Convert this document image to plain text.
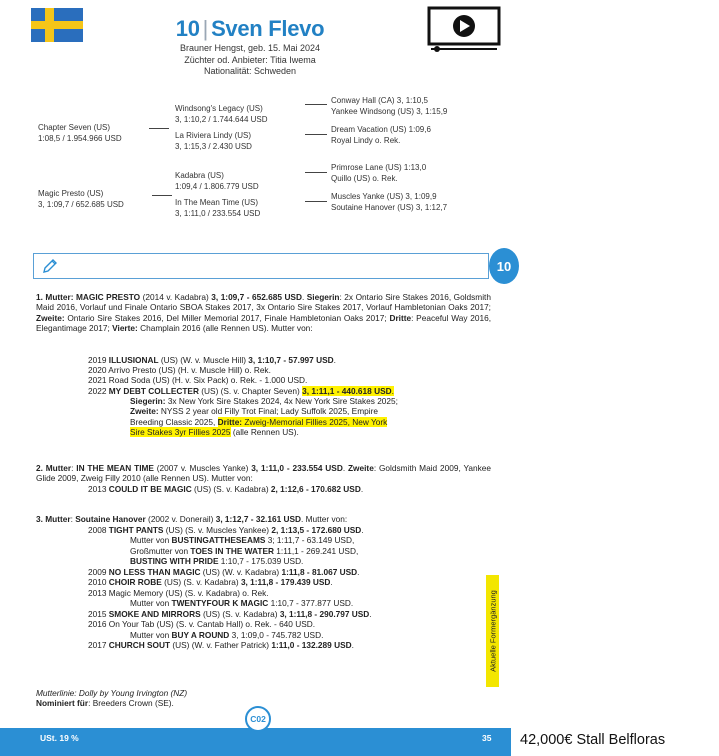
10 | Sven Flevo
Brauner Hengst, geb. 15. Mai 2024
Züchter od. Anbieter: Titia Iwema
Nationalität: Schweden
Chapter Seven (US)
1:08,5 / 1.954.966 USD
Magic Presto (US)
3, 1:09,7 / 652.685 USD
Windsong's Legacy (US)
3, 1:10,2 / 1.744.644 USD
La Riviera Lindy (US)
3, 1:15,3 / 2.430 USD
Kadabra (US)
1:09,4 / 1.806.779 USD
In The Mean Time (US)
3, 1:11,0 / 233.554 USD
Conway Hall (CA) 3, 1:10,5
Yankee Windsong (US) 3, 1:15,9
Dream Vacation (US) 1:09,6
Royal Lindy o. Rek.
Primrose Lane (US) 1:13,0
Quillo (US) o. Rek.
Muscles Yanke (US) 3, 1:09,9
Soutaine Hanover (US) 3, 1:12,7
10
1. Mutter: MAGIC PRESTO (2014 v. Kadabra) 3, 1:09,7 - 652.685 USD. Siegerin: 2x Ontario Sire Stakes 2016, Goldsmith Maid 2016, Vorlauf und Finale Ontario SBOA Stakes 2017, 3x Ontario Sire Stakes 2017, Vorlauf Hambletonian Oaks 2017; Zweite: Ontario Sire Stakes 2016, Del Miller Memorial 2017, Finale Hambletonian Oaks 2017; Dritte: Peaceful Way 2016, Elegantimage 2017; Vierte: Champlain 2016 (alle Rennen US). Mutter von:
2019 ILLUSIONAL (US) (W. v. Muscle Hill) 3, 1:10,7 - 57.997 USD.
2020 Arrivo Presto (US) (H. v. Muscle Hill) o. Rek.
2021 Road Soda (US) (H. v. Six Pack) o. Rek. - 1.000 USD.
2022 MY DEBT COLLECTER (US) (S. v. Chapter Seven) 3, 1:11,1 - 440.618 USD.
Siegerin: 3x New York Sire Stakes 2024, 4x New York Sire Stakes 2025;
Zweite: NYSS 2 year old Filly Trot Final; Lady Suffolk 2025, Empire
Breeding Classic 2025, Dritte: Zweig-Memorial Fillies 2025, New York
Sire Stakes 3yr Fillies 2025 (alle Rennen US).
2. Mutter: IN THE MEAN TIME (2007 v. Muscles Yanke) 3, 1:11,0 - 233.554 USD. Zweite: Goldsmith Maid 2009, Yankee Glide 2009, Zweig Filly 2010 (alle Rennen US). Mutter von:
2013 COULD IT BE MAGIC (US) (S. v. Kadabra) 2, 1:12,6 - 170.682 USD.
3. Mutter: Soutaine Hanover (2002 v. Donerail) 3, 1:12,7 - 32.161 USD. Mutter von:
2008 TIGHT PANTS (US) (S. v. Muscles Yankee) 2, 1:13,5 - 172.680 USD.
Mutter von BUSTINGATTHESEAMS 3; 1:11,7 - 63.149 USD,
Großmutter von TOES IN THE WATER 1:11,1 - 269.241 USD,
BUSTING WITH PRIDE 1:10,7 - 175.039 USD.
2009 NO LESS THAN MAGIC (US) (W. v. Kadabra) 1:11,8 - 81.067 USD.
2010 CHOIR ROBE (US) (S. v. Kadabra) 3, 1:11,8 - 179.439 USD.
2013 Magic Memory (US) (S. v. Kadabra) o. Rek.
Mutter von TWENTYFOUR K MAGIC 1:10,7 - 377.877 USD.
2015 SMOKE AND MIRRORS (US) (S. v. Kadabra) 3, 1:11,8 - 290.797 USD.
2016 On Your Tab (US) (S. v. Cantab Hall) o. Rek. - 640 USD.
Mutter von BUY A ROUND 3, 1:09,0 - 745.782 USD.
2017 CHURCH SOUT (US) (W. v. Father Patrick) 1:11,0 - 132.289 USD.	Aktuelle Formergänzung
Mutterlinie: Dolly by Young Irvington (NZ)
Nominiert für: Breeders Crown (SE).
USt. 19 %	35
C02
42,000€ Stall Belfloras
